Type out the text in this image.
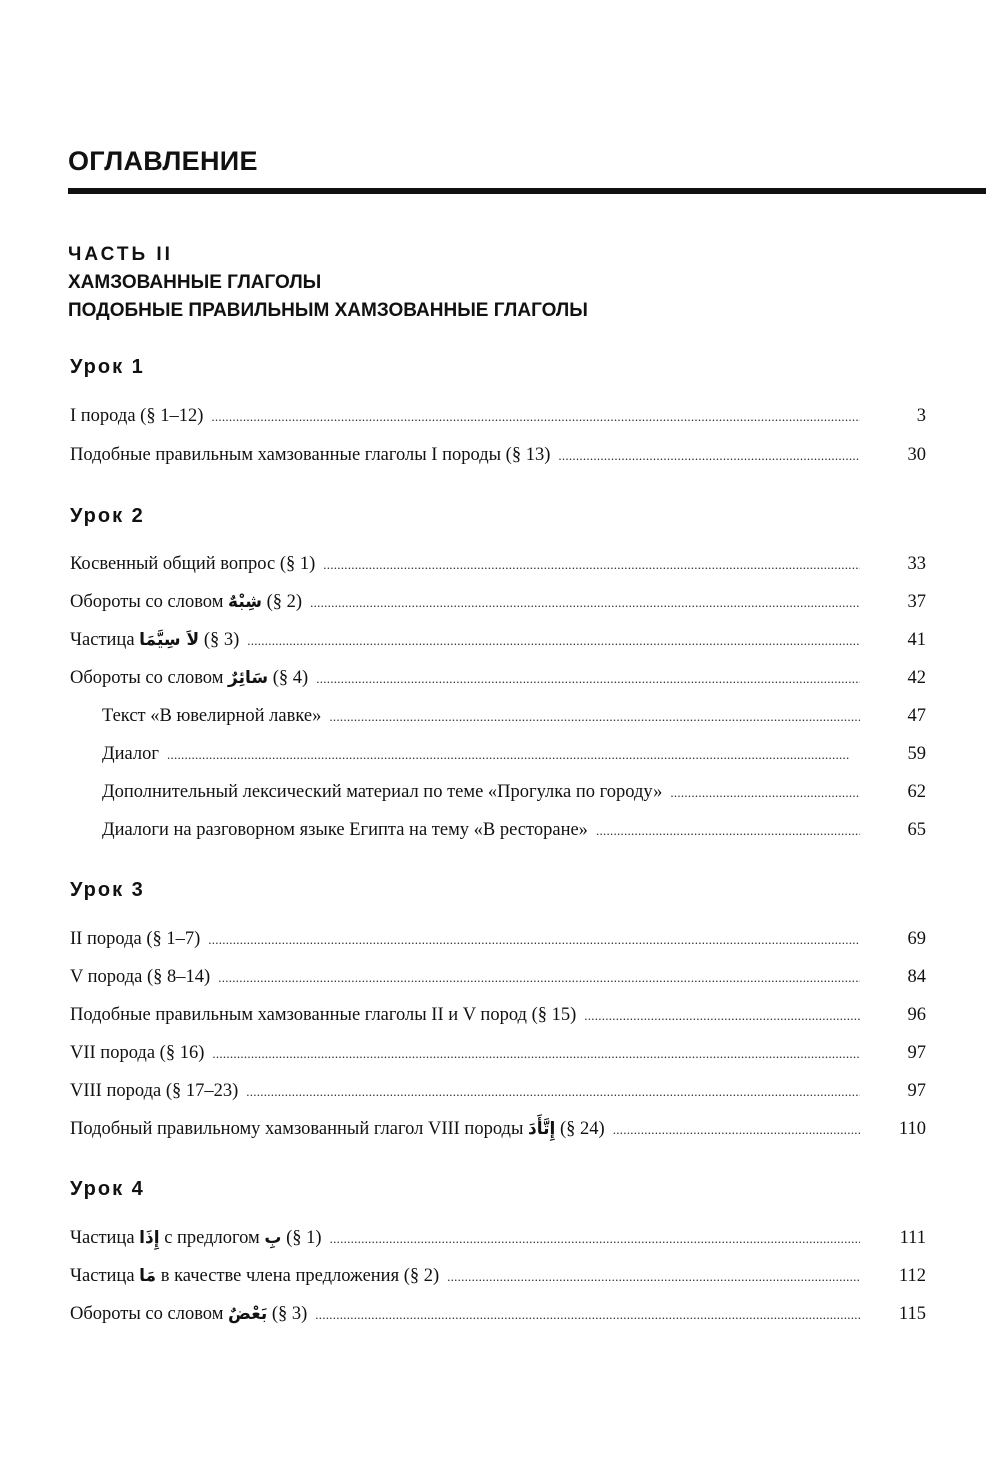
ОГЛАВЛЕНИЕ
ЧАСТЬ II
ХАМЗОВАННЫЕ ГЛАГОЛЫ
ПОДОБНЫЕ ПРАВИЛЬНЫМ ХАМЗОВАННЫЕ ГЛАГОЛЫ
Урок 1
I порода (§ 1–12) . . .	3
Подобные правильным хамзованные глаголы I породы (§ 13) . . .	30
Урок 2
Косвенный общий вопрос (§ 1) . . .	33
Обороты со словом شِبْهٌ (§ 2) . . .	37
Частица لاَ سِيَّمَا (§ 3) . . .	41
Обороты со словом سَائِرٌ (§ 4) . . .	42
Текст «В ювелирной лавке» . . .	47
Диалог . . .	59
Дополнительный лексический материал по теме «Прогулка по городу» . . .	62
Диалоги на разговорном языке Египта на тему «В ресторане» . . .	65
Урок 3
II порода (§ 1–7) . . .	69
V порода (§ 8–14) . . .	84
Подобные правильным хамзованные глаголы II и V пород (§ 15) . . .	96
VII порода (§ 16) . . .	97
VIII порода (§ 17–23) . . .	97
Подобный правильному хамзованный глагол VIII породы إِتَّأَدَ (§ 24) . . .	110
Урок 4
Частица إِذَا с предлогом بِ (§ 1) . . .	111
Частица مَا в качестве члена предложения (§ 2) . . .	112
Обороты со словом بَعْضٌ (§ 3) . . .	115
